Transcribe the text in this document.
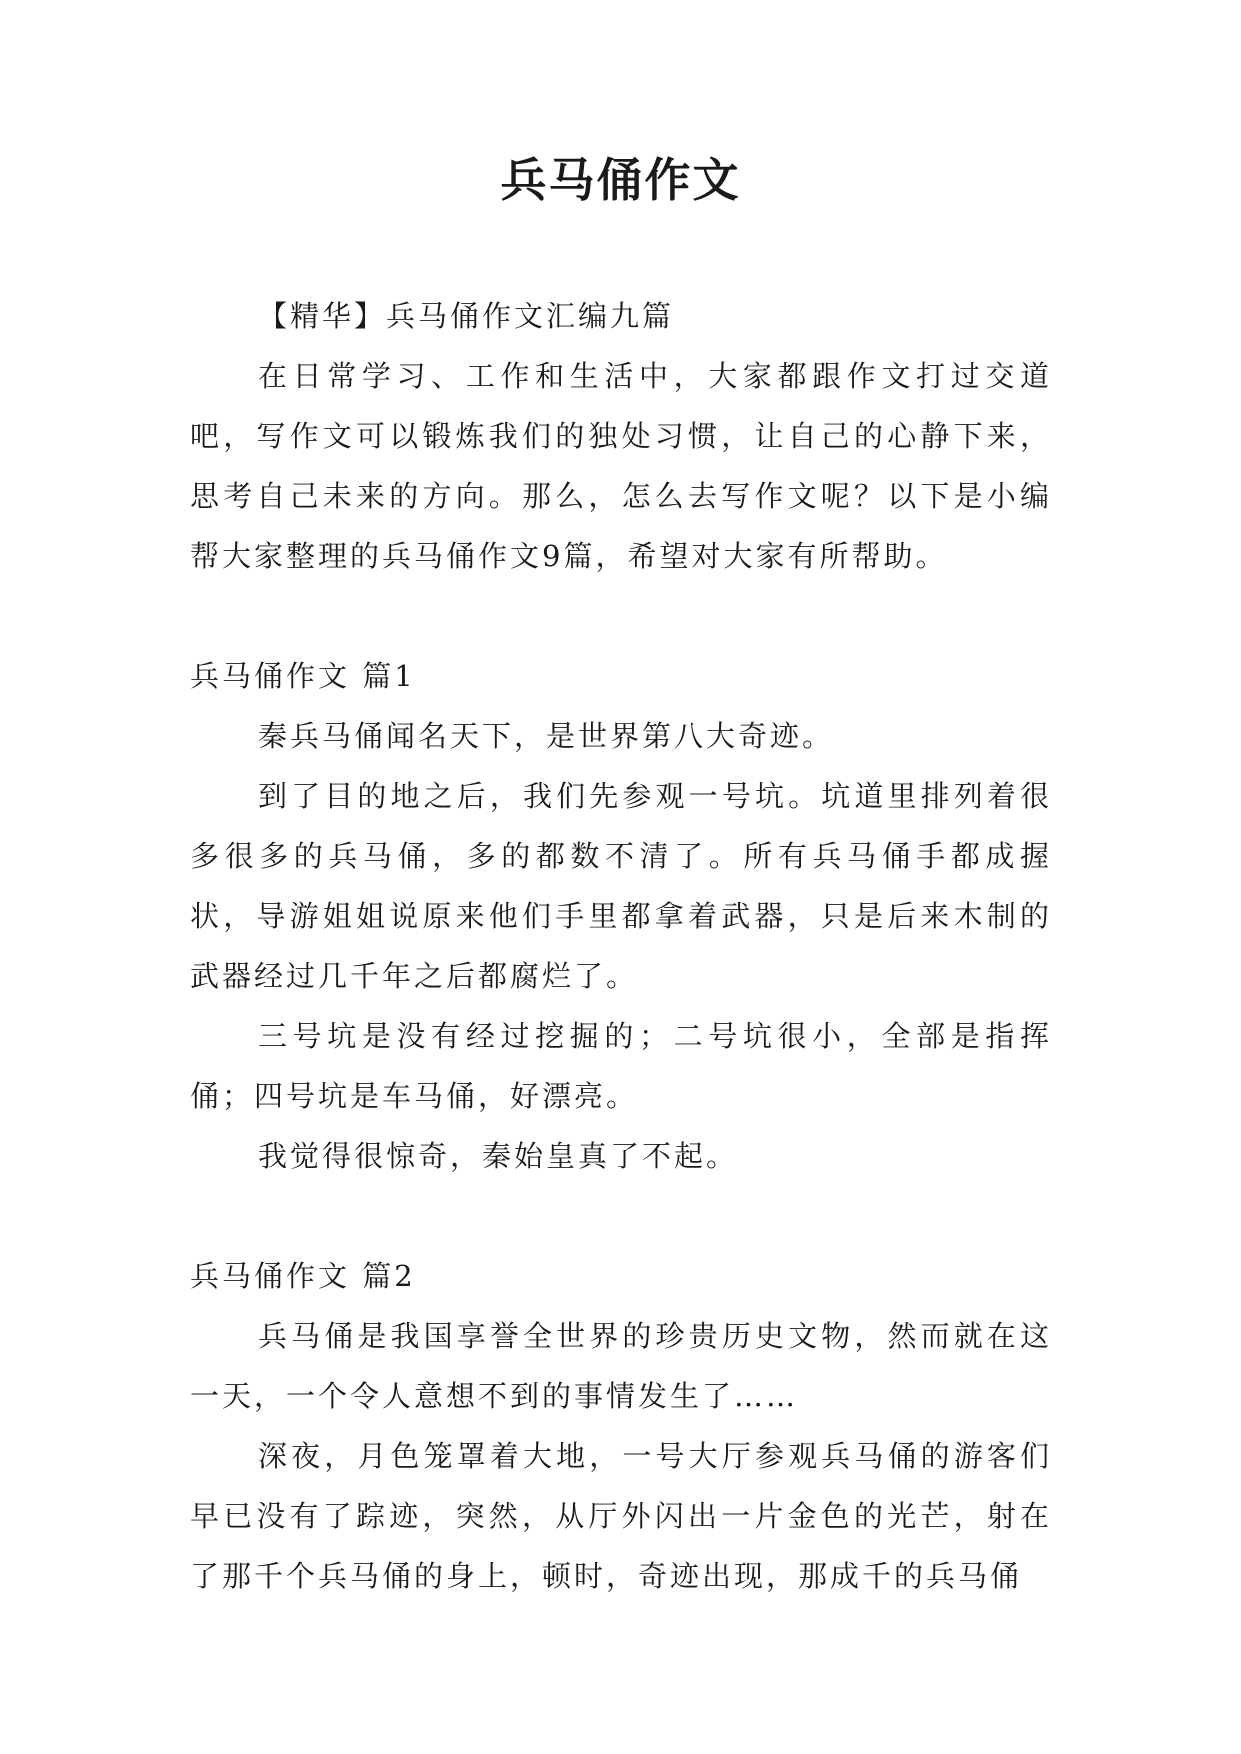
兵马俑作文

【精华】兵马俑作文汇编九篇

在日常学习、工作和生活中，大家都跟作文打过交道吧，写作文可以锻炼我们的独处习惯，让自己的心静下来，思考自己未来的方向。那么，怎么去写作文呢？以下是小编帮大家整理的兵马俑作文9篇，希望对大家有所帮助。

兵马俑作文 篇1

秦兵马俑闻名天下，是世界第八大奇迹。

到了目的地之后，我们先参观一号坑。坑道里排列着很多很多的兵马俑，多的都数不清了。所有兵马俑手都成握状，导游姐姐说原来他们手里都拿着武器，只是后来木制的武器经过几千年之后都腐烂了。

三号坑是没有经过挖掘的；二号坑很小，全部是指挥俑；四号坑是车马俑，好漂亮。

我觉得很惊奇，秦始皇真了不起。

兵马俑作文 篇2

兵马俑是我国享誉全世界的珍贵历史文物，然而就在这一天，一个令人意想不到的事情发生了……

深夜，月色笼罩着大地，一号大厅参观兵马俑的游客们早已没有了踪迹，突然，从厅外闪出一片金色的光芒，射在了那千个兵马俑的身上，顿时，奇迹出现，那成千的兵马俑
